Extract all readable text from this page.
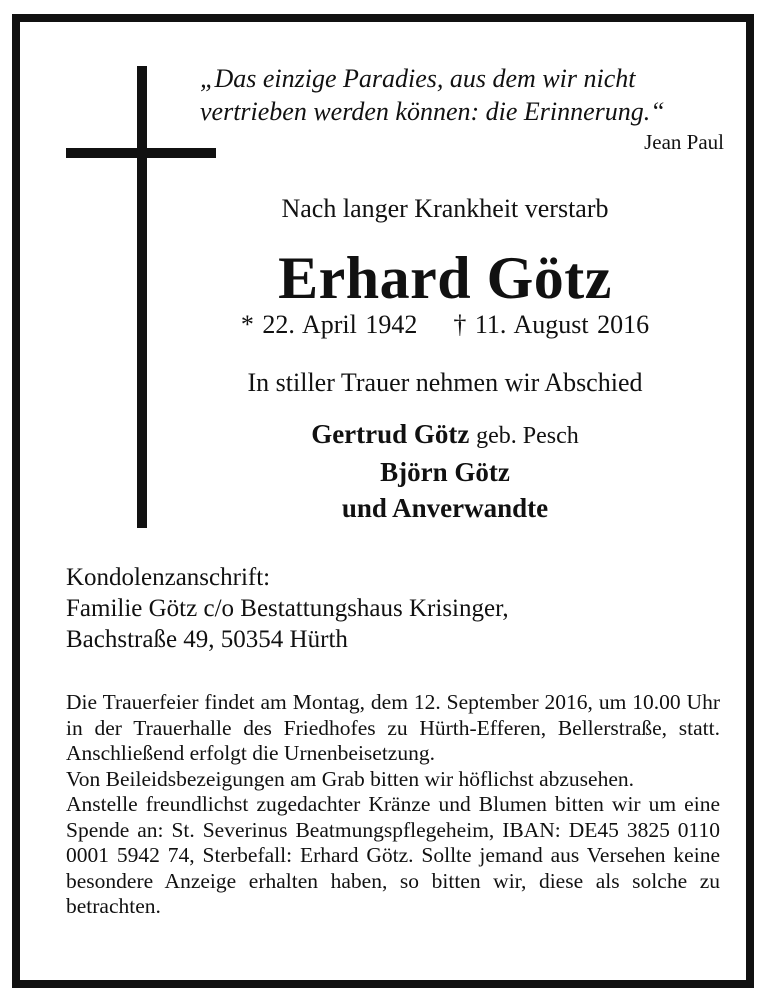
„Das einzige Paradies, aus dem wir nicht
vertrieben werden können: die Erinnerung.“
Jean Paul
Nach langer Krankheit verstarb
Erhard Götz
* 22. April 1942 † 11. August 2016
In stiller Trauer nehmen wir Abschied
Gertrud Götz geb. Pesch
Björn Götz
und Anverwandte
Kondolenzanschrift:
Familie Götz c/o Bestattungshaus Krisinger,
Bachstraße 49, 50354 Hürth

Die Trauerfeier findet am Montag, dem 12. September 2016, um 10.00 Uhr in der Trauerhalle des Friedhofes zu Hürth-Efferen, Bellerstraße, statt. Anschließend erfolgt die Urnenbeisetzung.

Von Beileidsbezeigungen am Grab bitten wir höflichst abzusehen.

Anstelle freundlichst zugedachter Kränze und Blumen bitten wir um eine Spende an: St. Severinus Beatmungspflegeheim, IBAN: DE45 3825 0110 0001 5942 74, Sterbefall: Erhard Götz. Sollte jemand aus Versehen keine besondere Anzeige erhalten haben, so bitten wir, diese als solche zu betrachten.
